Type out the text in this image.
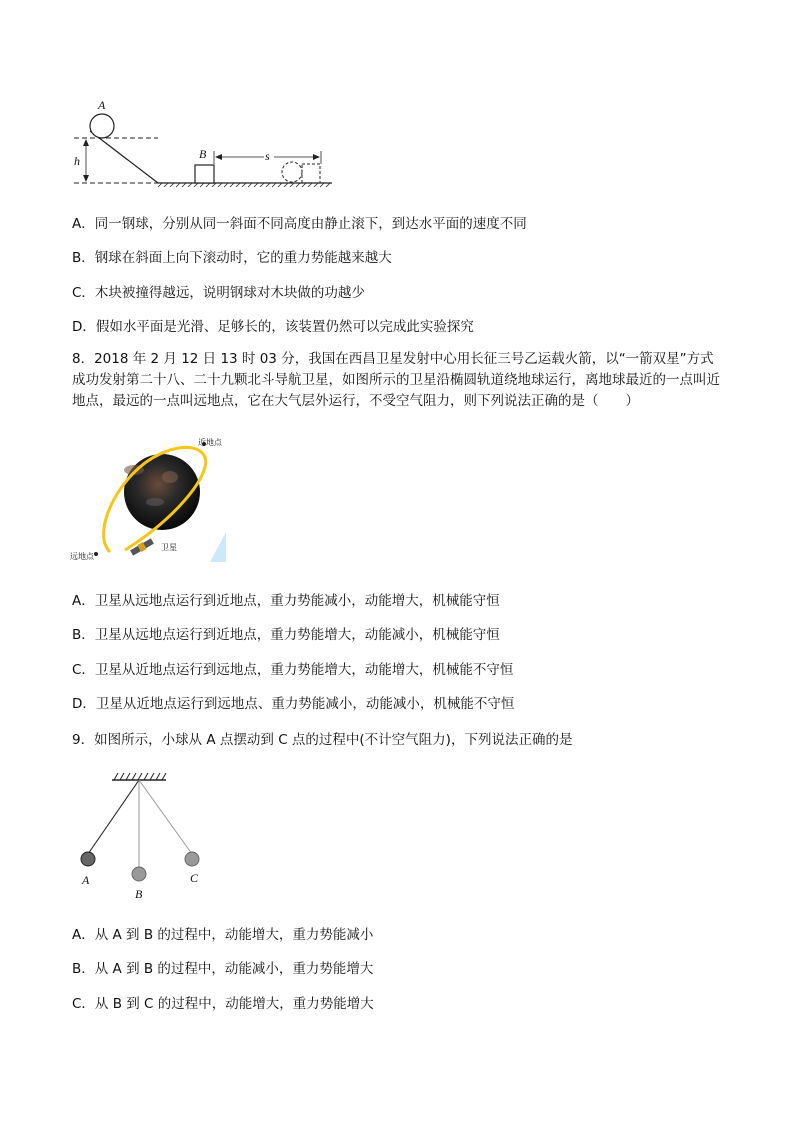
A
h	B	s
A．同一钢球，分别从同一斜面不同高度由静止滚下，到达水平面的速度不同
B．钢球在斜面上向下滚动时，它的重力势能越来越大
C．木块被撞得越远，说明钢球对木块做的功越少
D．假如水平面是光滑、足够长的，该装置仍然可以完成此实验探究
8．2018 年 2 月 12 日 13 时 03 分，我国在西昌卫星发射中心用长征三号乙运载火箭，以“一箭双星”方式成功发射第二十八、二十九颗北斗导航卫星，如图所示的卫星沿椭圆轨道绕地球运行，离地球最近的一点叫近地点，最远的一点叫远地点，它在大气层外运行，不受空气阻力，则下列说法正确的是（　　）
近地点
远地点
卫星
A．卫星从远地点运行到近地点，重力势能减小，动能增大，机械能守恒
B．卫星从远地点运行到近地点，重力势能增大，动能减小，机械能守恒
C．卫星从近地点运行到远地点，重力势能增大，动能增大，机械能不守恒
D．卫星从近地点运行到远地点、重力势能减小，动能减小，机械能不守恒
9．如图所示，小球从 A 点摆动到 C 点的过程中(不计空气阻力)，下列说法正确的是
A
B
C
A．从 A 到 B 的过程中，动能增大，重力势能减小
B．从 A 到 B 的过程中，动能减小，重力势能增大
C．从 B 到 C 的过程中，动能增大，重力势能增大
